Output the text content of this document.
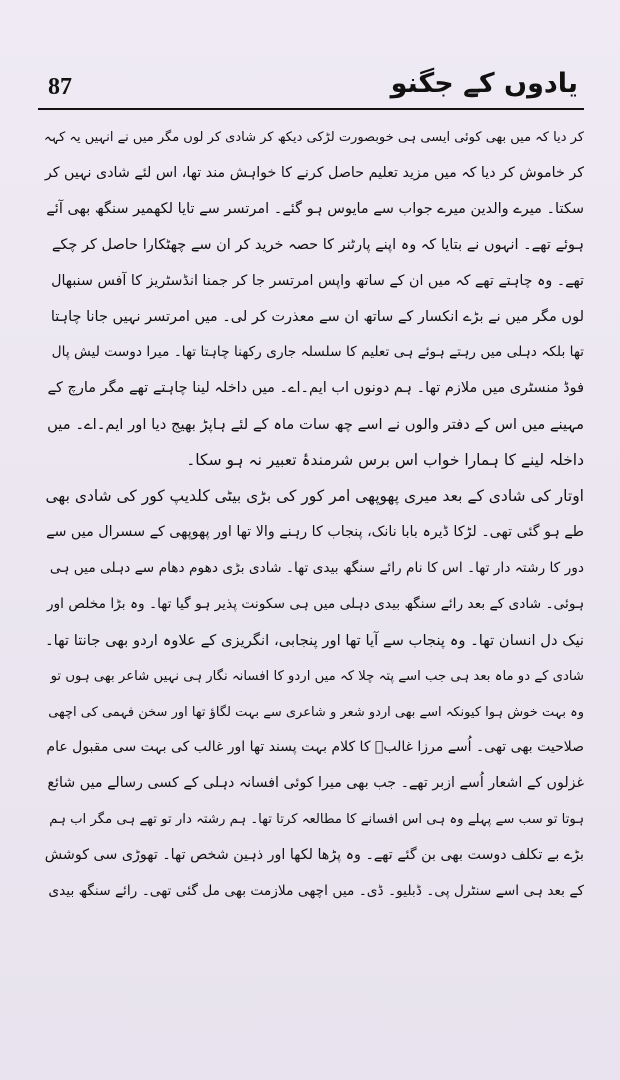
87	یادوں کے جگنو
کر دیا کہ میں بھی کوئی ایسی ہی خوبصورت لڑکی دیکھ کر شادی کر لوں مگر میں نے انہیں یہ کہہ
کر خاموش کر دیا کہ میں مزید تعلیم حاصل کرنے کا خواہش مند تھا، اس لئے شادی نہیں کر
سکتا۔ میرے والدین میرے جواب سے مایوس ہو گئے۔ امرتسر سے تایا لکھمیر سنگھ بھی آئے
ہوئے تھے۔ انہوں نے بتایا کہ وہ اپنے پارٹنر کا حصہ خرید کر ان سے چھٹکارا حاصل کر چکے
تھے۔ وہ چاہتے تھے کہ میں ان کے ساتھ واپس امرتسر جا کر جمنا انڈسٹریز کا آفس سنبھال
لوں مگر میں نے بڑے انکسار کے ساتھ ان سے معذرت کر لی۔ میں امرتسر نہیں جانا چاہتا
تھا بلکہ دہلی میں رہتے ہوئے ہی تعلیم کا سلسلہ جاری رکھنا چاہتا تھا۔ میرا دوست لیش پال
فوڈ منسٹری میں ملازم تھا۔ ہم دونوں اب ایم۔اے۔ میں داخلہ لینا چاہتے تھے مگر مارچ کے
مہینے میں اس کے دفتر والوں نے اسے چھ سات ماہ کے لئے ہاپڑ بھیج دیا اور ایم۔اے۔ میں
داخلہ لینے کا ہمارا خواب اس برس شرمندۂ تعبیر نہ ہو سکا۔
اوتار کی شادی کے بعد میری پھوپھی امر کور کی بڑی بیٹی کلدیپ کور کی شادی بھی
طے ہو گئی تھی۔ لڑکا ڈیرہ بابا نانک، پنجاب کا رہنے والا تھا اور پھوپھی کے سسرال میں سے
دور کا رشتہ دار تھا۔ اس کا نام رائے سنگھ بیدی تھا۔ شادی بڑی دھوم دھام سے دہلی میں ہی
ہوئی۔ شادی کے بعد رائے سنگھ بیدی دہلی میں ہی سکونت پذیر ہو گیا تھا۔ وہ بڑا مخلص اور
نیک دل انسان تھا۔ وہ پنجاب سے آیا تھا اور پنجابی، انگریزی کے علاوہ اردو بھی جانتا تھا۔
شادی کے دو ماہ بعد ہی جب اسے پتہ چلا کہ میں اردو کا افسانہ نگار ہی نہیں شاعر بھی ہوں تو
وہ بہت خوش ہوا کیونکہ اسے بھی اردو شعر و شاعری سے بہت لگاؤ تھا اور سخن فہمی کی اچھی
صلاحیت بھی تھی۔ اُسے مرزا غالبؔ کا کلام بہت پسند تھا اور غالب کی بہت سی مقبول عام
غزلوں کے اشعار اُسے ازبر تھے۔ جب بھی میرا کوئی افسانہ دہلی کے کسی رسالے میں شائع
ہوتا تو سب سے پہلے وہ ہی اس افسانے کا مطالعہ کرتا تھا۔ ہم رشتہ دار تو تھے ہی مگر اب ہم
بڑے بے تکلف دوست بھی بن گئے تھے۔ وہ پڑھا لکھا اور ذہین شخص تھا۔ تھوڑی سی کوشش
کے بعد ہی اسے سنٹرل پی۔ ڈبلیو۔ ڈی۔ میں اچھی ملازمت بھی مل گئی تھی۔ رائے سنگھ بیدی
